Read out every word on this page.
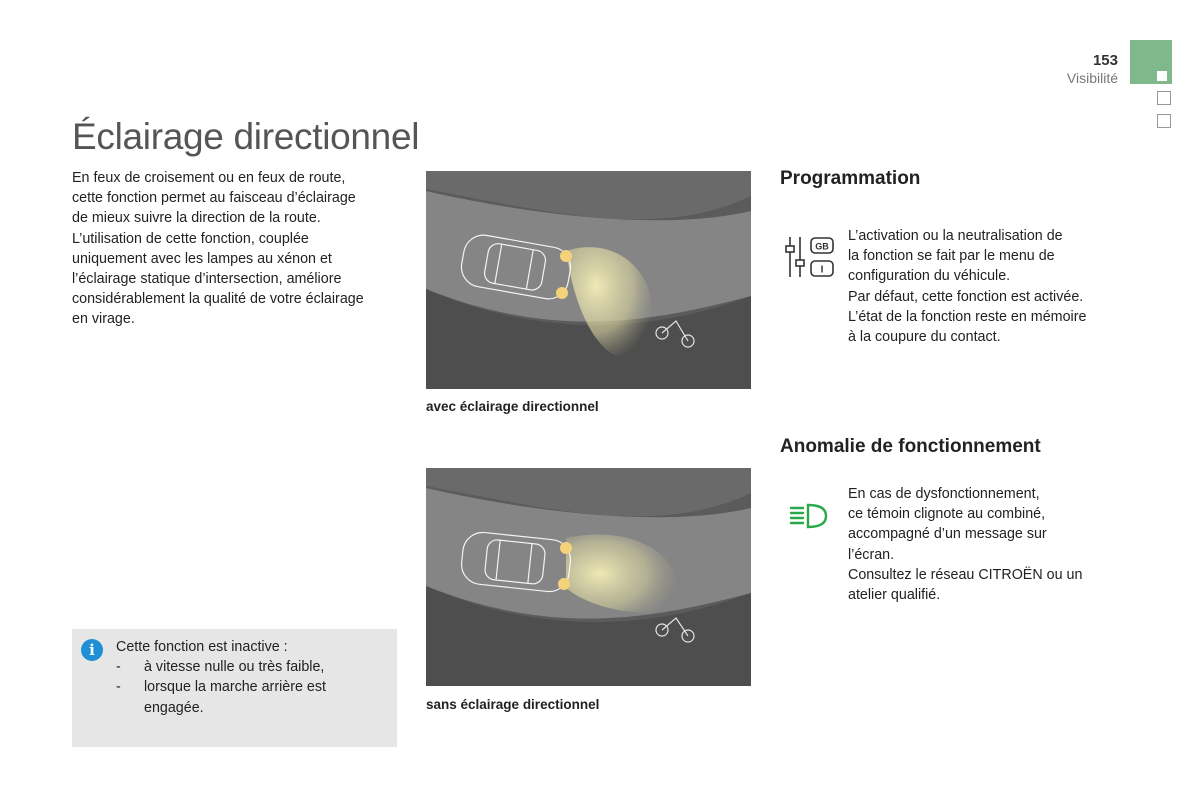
153
Visibilité
Éclairage directionnel
En feux de croisement ou en feux de route,
cette fonction permet au faisceau d’éclairage
de mieux suivre la direction de la route.
L’utilisation de cette fonction, couplée
uniquement avec les lampes au xénon et
l’éclairage statique d’intersection, améliore
considérablement la qualité de votre éclairage
en virage.
avec éclairage directionnel
sans éclairage directionnel
Programmation
GB
I
L’activation ou la neutralisation de
la fonction se fait par le menu de
configuration du véhicule.
Par défaut, cette fonction est activée.
L’état de la fonction reste en mémoire
à la coupure du contact.
Anomalie de fonctionnement
En cas de dysfonctionnement,
ce témoin clignote au combiné,
accompagné d’un message sur
l’écran.
Consultez le réseau CITROËN ou un
atelier qualifié.
i	Cette fonction est inactive :
-	à vitesse nulle ou très faible,
-	lorsque la marche arrière est
engagée.
